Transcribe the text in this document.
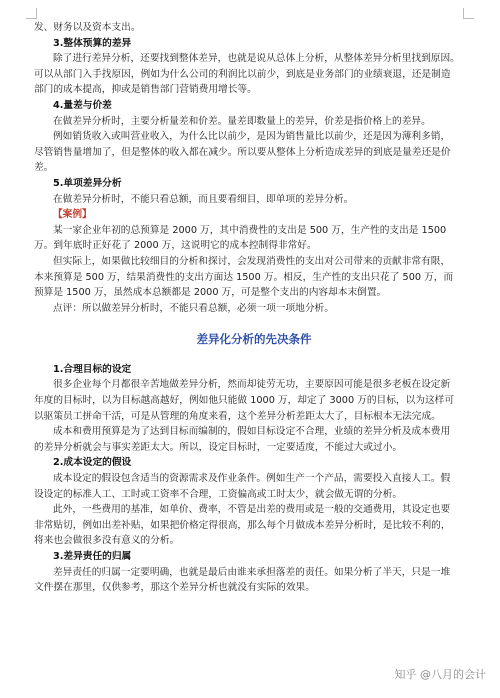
发、财务以及资本支出。
3.整体预算的差异
除了进行差异分析，还要找到整体差异，也就是说从总体上分析，从整体差异分析里找到原因。
可以从部门入手找原因，例如为什么公司的利润比以前少，到底是业务部门的业绩衰退，还是制造
部门的成本提高，抑或是销售部门营销费用增长等。
4.量差与价差
在做差异分析时，主要分析量差和价差。量差即数量上的差异，价差是指价格上的差异。
例如销货收入或叫营业收入，为什么比以前少，是因为销售量比以前少，还是因为薄利多销，
尽管销售量增加了，但是整体的收入都在减少。所以要从整体上分析造成差异的到底是量差还是价
差。
5.单项差异分析
在做差异分析时，不能只看总额，而且要看细目，即单项的差异分析。
【案例】
某一家企业年初的总预算是 2000 万，其中消费性的支出是 500 万，生产性的支出是 1500
万。到年底时正好花了 2000 万，这说明它的成本控制得非常好。
但实际上，如果做比较细目的分析和探讨，会发现消费性的支出对公司带来的贡献非常有限，
本来预算是 500 万，结果消费性的支出方面达 1500 万。相反，生产性的支出只花了 500 万，而
预算是 1500 万，虽然成本总额都是 2000 万，可是整个支出的内容却本末倒置。
点评：所以做差异分析时，不能只看总额，必须一项一项地分析。
差异化分析的先决条件
1.合理目标的设定
很多企业每个月都很辛苦地做差异分析，然而却徒劳无功，主要原因可能是很多老板在设定新
年度的目标时，以为目标越高越好，例如他只能做 1000 万，却定了 3000 万的目标，以为这样可
以驱策员工拼命干活，可是从管理的角度来看，这个差异分析差距太大了，目标根本无法完成。
成本和费用预算是为了达到目标而编制的，假如目标设定不合理，业绩的差异分析及成本费用
的差异分析就会与事实差距太大。所以，设定目标时，一定要适度，不能过大或过小。
2.成本设定的假设
成本设定的假设包含适当的资源需求及作业条件。例如生产一个产品，需要投入直接人工。假
设设定的标准人工、工时或工资率不合理，工资偏高或工时太少，就会做无谓的分析。
此外，一些费用的基准，如单价、费率，不管是出差的费用或是一般的交通费用，其设定也要
非常贴切，例如出差补贴，如果把价格定得很高，那么每个月做成本差异分析时，是比较不利的，
将来也会做很多没有意义的分析。
3.差异责任的归属
差异责任的归属一定要明确，也就是最后由谁来承担落差的责任。如果分析了半天，只是一堆
文件摆在那里，仅供参考，那这个差异分析也就没有实际的效果。
知乎 @八月的会计
